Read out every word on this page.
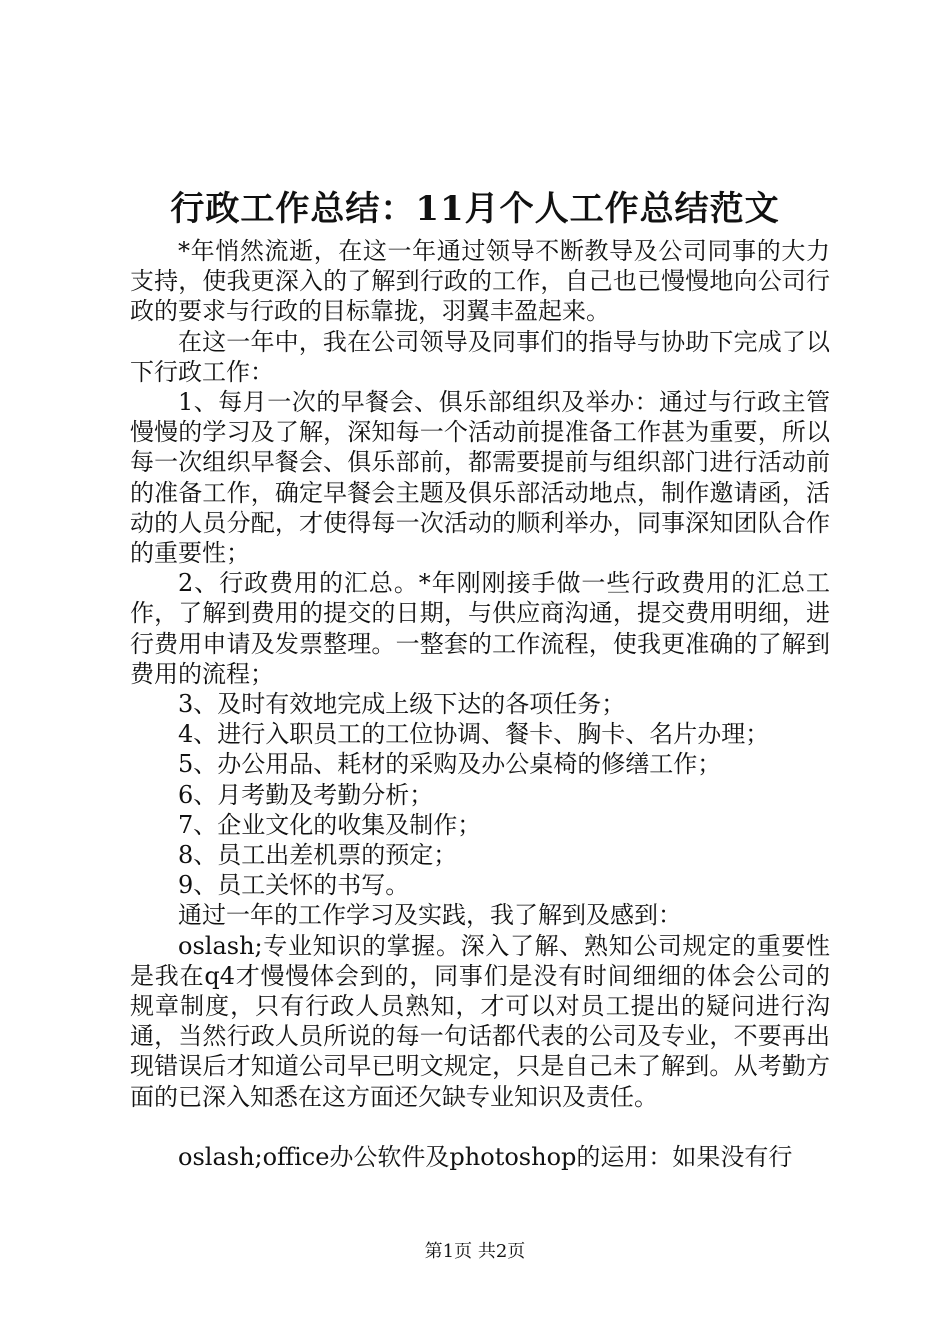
行政工作总结：11月个人工作总结范文

*年悄然流逝，在这一年通过领导不断教导及公司同事的大力支持，使我更深入的了解到行政的工作，自己也已慢慢地向公司行政的要求与行政的目标靠拢，羽翼丰盈起来。

在这一年中，我在公司领导及同事们的指导与协助下完成了以下行政工作：

1、每月一次的早餐会、俱乐部组织及举办：通过与行政主管慢慢的学习及了解，深知每一个活动前提准备工作甚为重要，所以每一次组织早餐会、俱乐部前，都需要提前与组织部门进行活动前的准备工作，确定早餐会主题及俱乐部活动地点，制作邀请函，活动的人员分配，才使得每一次活动的顺利举办，同事深知团队合作的重要性；

2、行政费用的汇总。*年刚刚接手做一些行政费用的汇总工作，了解到费用的提交的日期，与供应商沟通，提交费用明细，进行费用申请及发票整理。一整套的工作流程，使我更准确的了解到费用的流程；

3、及时有效地完成上级下达的各项任务；

4、进行入职员工的工位协调、餐卡、胸卡、名片办理；

5、办公用品、耗材的采购及办公桌椅的修缮工作；

6、月考勤及考勤分析；

7、企业文化的收集及制作；

8、员工出差机票的预定；

9、员工关怀的书写。

通过一年的工作学习及实践，我了解到及感到：

oslash;专业知识的掌握。深入了解、熟知公司规定的重要性是我在q4才慢慢体会到的，同事们是没有时间细细的体会公司的规章制度，只有行政人员熟知，才可以对员工提出的疑问进行沟通，当然行政人员所说的每一句话都代表的公司及专业，不要再出现错误后才知道公司早已明文规定，只是自己未了解到。从考勤方面的已深入知悉在这方面还欠缺专业知识及责任。

oslash;office办公软件及photoshop的运用：如果没有行

第1页 共2页
